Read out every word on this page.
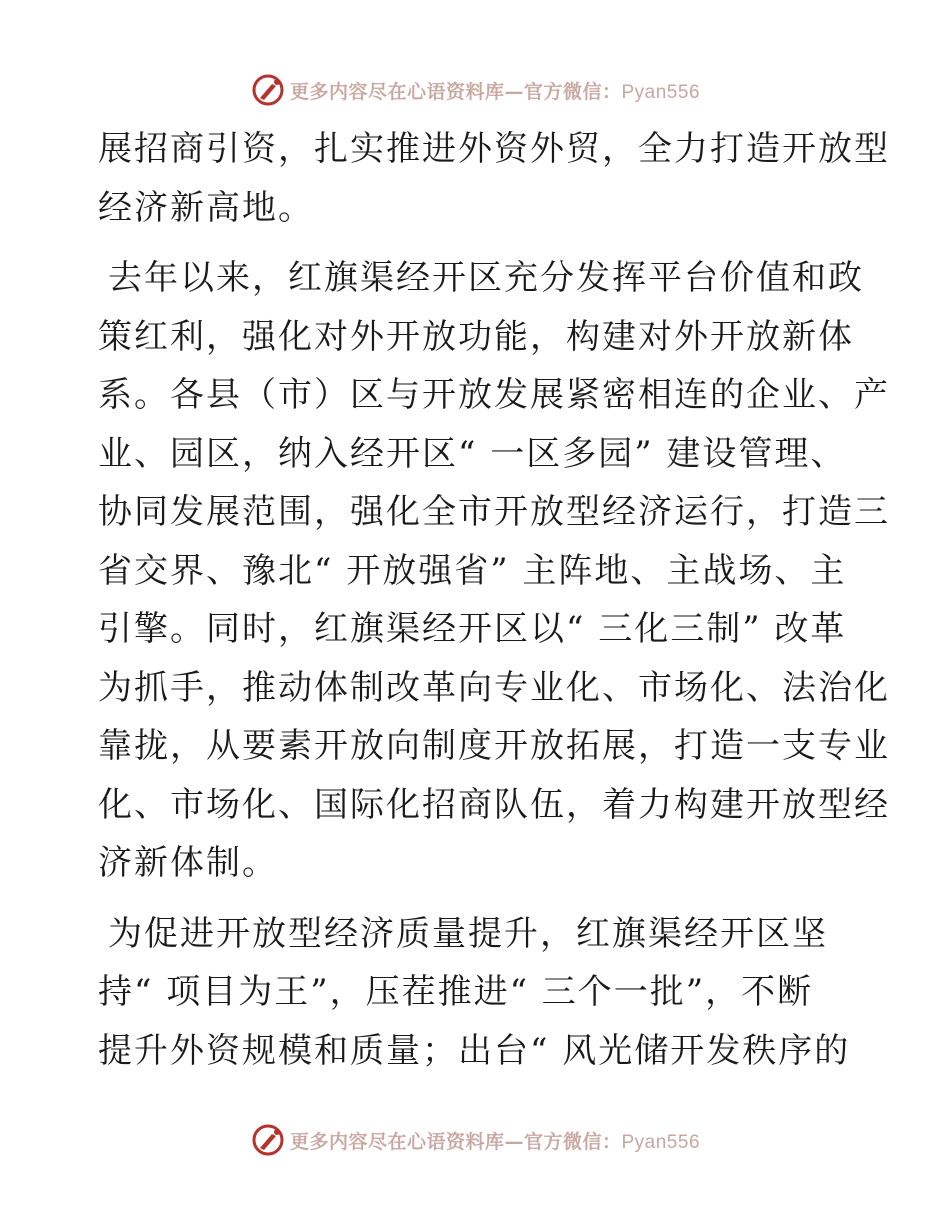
更多内容尽在心语资料库—官方微信：Pyan556
展招商引资，扎实推进外资外贸，全力打造开放型
经济新高地。
去年以来，红旗渠经开区充分发挥平台价值和政
策红利，强化对外开放功能，构建对外开放新体
系。各县（市）区与开放发展紧密相连的企业、产
业、园区，纳入经开区“ 一区多园” 建设管理、
协同发展范围，强化全市开放型经济运行，打造三
省交界、豫北“ 开放强省” 主阵地、主战场、主
引擎。同时，红旗渠经开区以“ 三化三制” 改革
为抓手，推动体制改革向专业化、市场化、法治化
靠拢，从要素开放向制度开放拓展，打造一支专业
化、市场化、国际化招商队伍，着力构建开放型经
济新体制。
为促进开放型经济质量提升，红旗渠经开区坚
持“ 项目为王”，压茬推进“ 三个一批”，不断
提升外资规模和质量；出台“ 风光储开发秩序的
更多内容尽在心语资料库—官方微信：Pyan556
